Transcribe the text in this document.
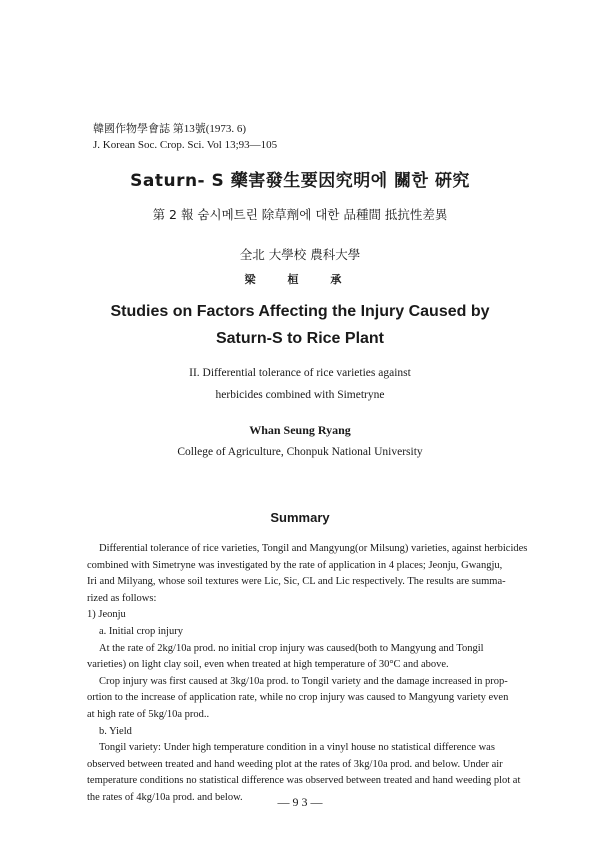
韓國作物學會誌 第13號(1973. 6)
J. Korean Soc. Crop. Sci. Vol 13;93—105
Saturn- S 藥害發生要因究明에 關한 硏究
第 2 報 숨시메트린 除草劑에 대한 品種間 抵抗性差異
全北 大學校 農科大學
梁 桓 承
Studies on Factors Affecting the Injury Caused by
Saturn-S to Rice Plant
II. Differential tolerance of rice varieties against
herbicides combined with Simetryne
Whan Seung Ryang
College of Agriculture, Chonpuk National University
Summary
Differential tolerance of rice varieties, Tongil and Mangyung(or Milsung) varieties, against herbicides
combined with Simetryne was investigated by the rate of application in 4 places; Jeonju, Gwangju,
Iri and Milyang, whose soil textures were Lic, Sic, CL and Lic respectively. The results are summa-
rized as follows:
1) Jeonju
a. Initial crop injury
At the rate of 2kg/10a prod. no initial crop injury was caused(both to Mangyung and Tongil
varieties) on light clay soil, even when treated at high temperature of 30°C and above.
Crop injury was first caused at 3kg/10a prod. to Tongil variety and the damage increased in prop-
ortion to the increase of application rate, while no crop injury was caused to Mangyung variety even
at high rate of 5kg/10a prod..
b. Yield
Tongil variety: Under high temperature condition in a vinyl house no statistical difference was
observed between treated and hand weeding plot at the rates of 3kg/10a prod. and below. Under air
temperature conditions no statistical difference was observed between treated and hand weeding plot at
the rates of 4kg/10a prod. and below.	— 9 3 —
